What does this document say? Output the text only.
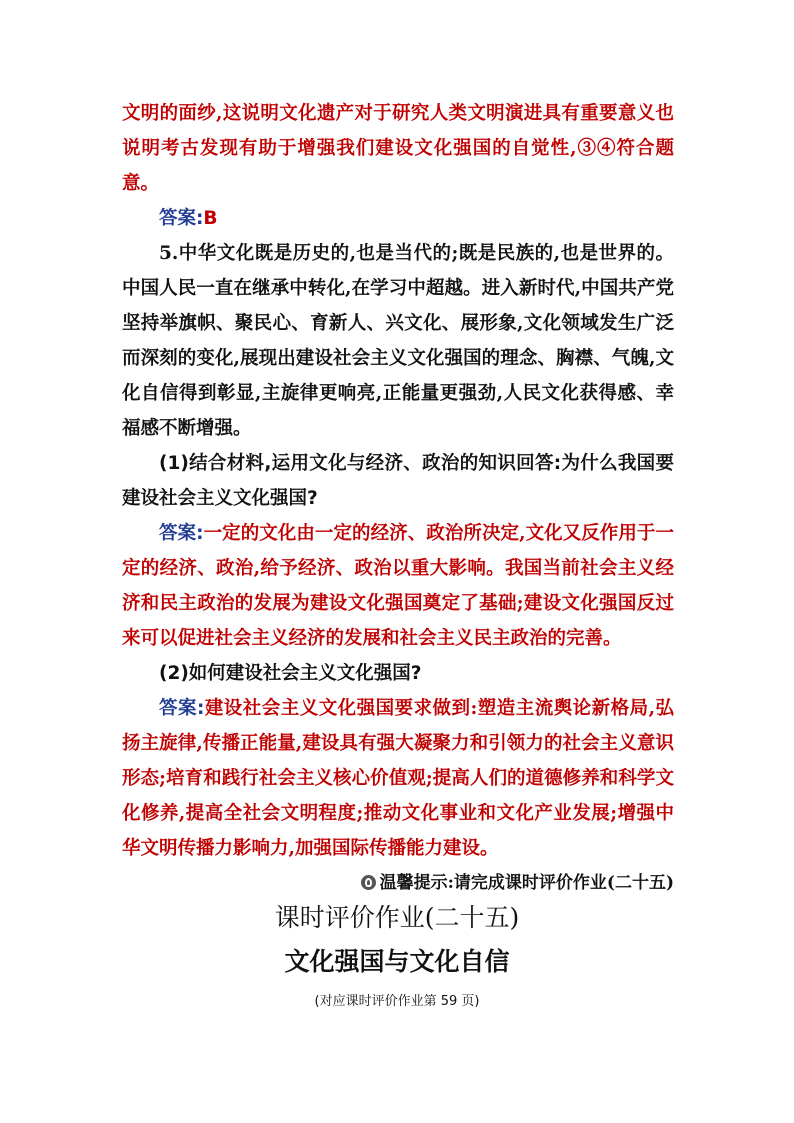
文明的面纱,这说明文化遗产对于研究人类文明演进具有重要意义也说明考古发现有助于增强我们建设文化强国的自觉性,③④符合题意。

答案:B

5.中华文化既是历史的,也是当代的;既是民族的,也是世界的。中国人民一直在继承中转化,在学习中超越。进入新时代,中国共产党坚持举旗帜、聚民心、育新人、兴文化、展形象,文化领域发生广泛而深刻的变化,展现出建设社会主义文化强国的理念、胸襟、气魄,文化自信得到彰显,主旋律更响亮,正能量更强劲,人民文化获得感、幸福感不断增强。

(1)结合材料,运用文化与经济、政治的知识回答:为什么我国要建设社会主义文化强国?

答案:一定的文化由一定的经济、政治所决定,文化又反作用于一定的经济、政治,给予经济、政治以重大影响。我国当前社会主义经济和民主政治的发展为建设文化强国奠定了基础;建设文化强国反过来可以促进社会主义经济的发展和社会主义民主政治的完善。

(2)如何建设社会主义文化强国?

答案:建设社会主义文化强国要求做到:塑造主流舆论新格局,弘扬主旋律,传播正能量,建设具有强大凝聚力和引领力的社会主义意识形态;培育和践行社会主义核心价值观;提高人们的道德修养和科学文化修养,提高全社会文明程度;推动文化事业和文化产业发展;增强中华文明传播力影响力,加强国际传播能力建设。

温馨提示:请完成课时评价作业(二十五)
课时评价作业(二十五)
文化强国与文化自信
(对应课时评价作业第 59 页)
